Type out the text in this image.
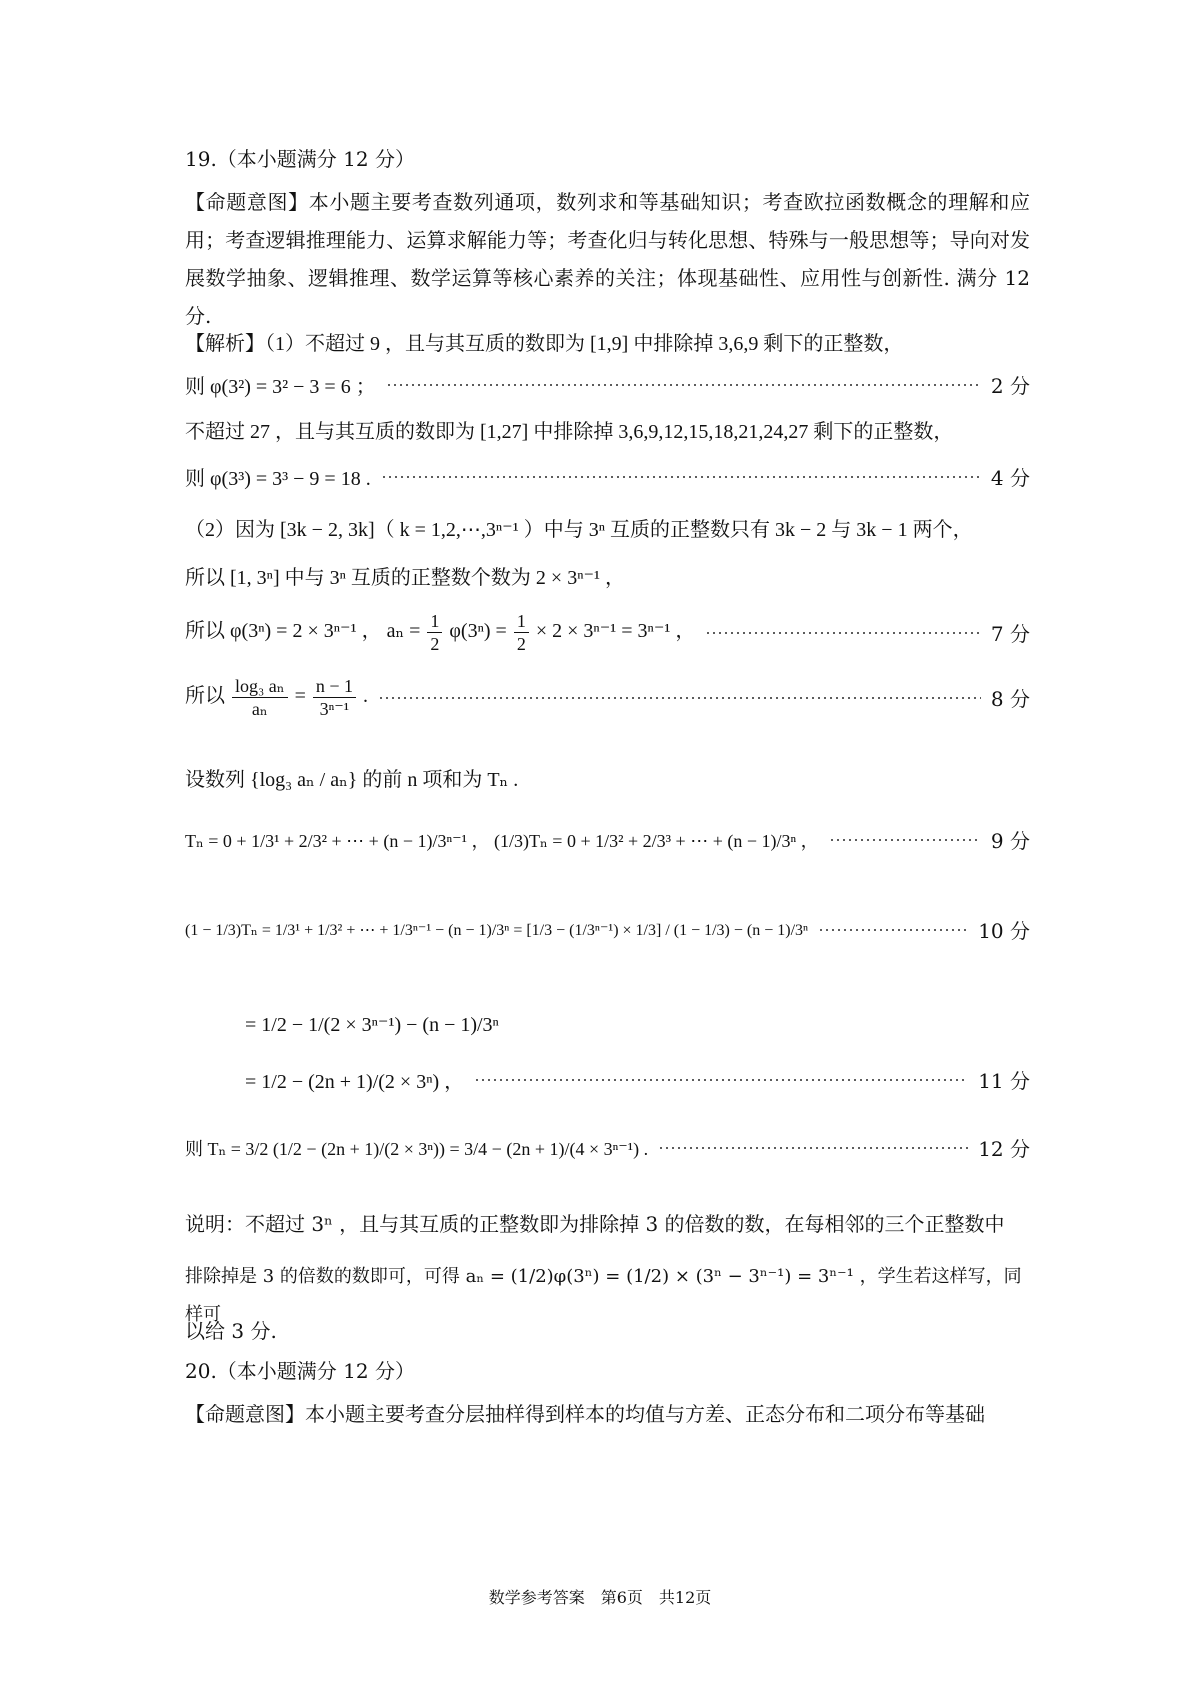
19.（本小题满分 12 分）
【命题意图】本小题主要考查数列通项，数列求和等基础知识；考查欧拉函数概念的理解和应用；考查逻辑推理能力、运算求解能力等；考查化归与转化思想、特殊与一般思想等；导向对发展数学抽象、逻辑推理、数学运算等核心素养的关注；体现基础性、应用性与创新性. 满分 12 分.
【解析】（1）不超过 9 ，且与其互质的数即为 [1,9] 中排除掉 3,6,9 剩下的正整数，
则 φ(3²) = 3² − 3 = 6 ；	2 分
不超过 27 ，且与其互质的数即为 [1,27] 中排除掉 3,6,9,12,15,18,21,24,27 剩下的正整数，
则 φ(3³) = 3³ − 9 = 18 .	4 分
（2）因为 [3k − 2, 3k]（ k = 1,2,⋯,3ⁿ⁻¹ ）中与 3ⁿ 互质的正整数只有 3k − 2 与 3k − 1 两个，
所以 [1, 3ⁿ] 中与 3ⁿ 互质的正整数个数为 2 × 3ⁿ⁻¹ ，
所以 φ(3ⁿ) = 2 × 3ⁿ⁻¹ ， $a_n = \frac{1}{2} \varphi(3^n) = \frac{1}{2} \times 2 \times 3^{n-1} = 3^{n-1}$ ，	7 分
所以 $\frac{\text{log₃ aₙ}}{\text{aₙ}} = \frac{n - 1}{\text{3ⁿ⁻¹}}$ .	8 分
设数列 {log₃ aₙ / aₙ} 的前 n 项和为 Tₙ .
Tₙ = 0 + 1/3¹ + 2/3² + ⋯ + (n − 1)/3ⁿ⁻¹ ， (1/3)Tₙ = 0 + 1/3² + 2/3³ + ⋯ + (n − 1)/3ⁿ ，	9 分
(1 − 1/3)Tₙ = 1/3¹ + 1/3² + ⋯ + 1/3ⁿ⁻¹ − (n − 1)/3ⁿ = [1/3 − (1/3ⁿ⁻¹) × 1/3] / (1 − 1/3) − (n − 1)/3ⁿ	10 分
= 1/2 − 1/(2 × 3ⁿ⁻¹) − (n − 1)/3ⁿ
= 1/2 − (2n + 1)/(2 × 3ⁿ) ，	11 分
则 Tₙ = 3/2 (1/2 − (2n + 1)/(2 × 3ⁿ)) = 3/4 − (2n + 1)/(4 × 3ⁿ⁻¹) .	12 分
说明：不超过 3ⁿ ，且与其互质的正整数即为排除掉 3 的倍数的数，在每相邻的三个正整数中
排除掉是 3 的倍数的数即可，可得 aₙ = (1/2)φ(3ⁿ) = (1/2) × (3ⁿ − 3ⁿ⁻¹) = 3ⁿ⁻¹ ，学生若这样写，同样可
以给 3 分.
20.（本小题满分 12 分）
【命题意图】本小题主要考查分层抽样得到样本的均值与方差、正态分布和二项分布等基础
数学参考答案　第6页　共12页
